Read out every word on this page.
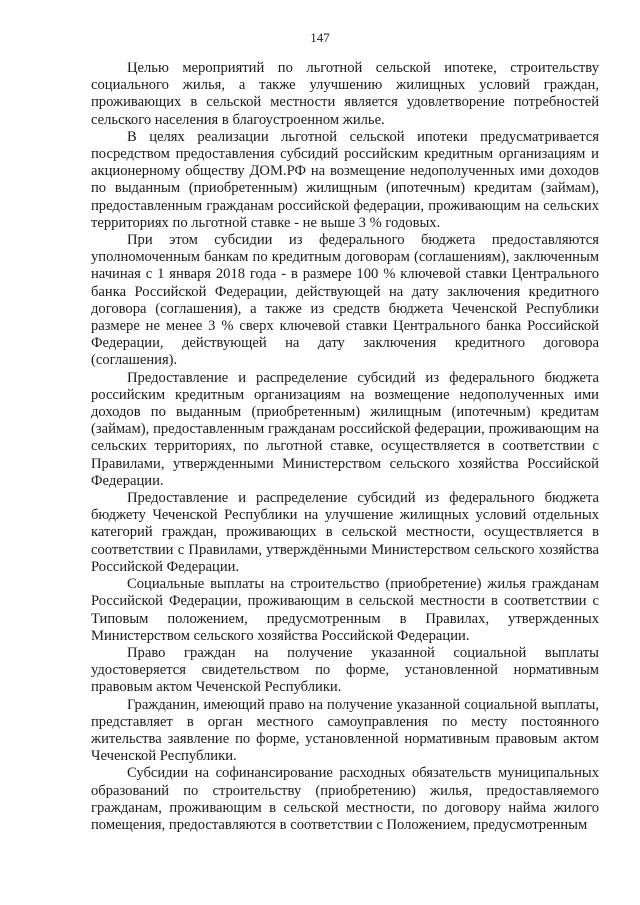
147

Целью мероприятий по льготной сельской ипотеке, строительству социального жилья, а также улучшению жилищных условий граждан, проживающих в сельской местности является удовлетворение потребностей сельского населения в благоустроенном жилье.

В целях реализации льготной сельской ипотеки предусматривается посредством предоставления субсидий российским кредитным организациям и акционерному обществу ДОМ.РФ на возмещение недополученных ими доходов по выданным (приобретенным) жилищным (ипотечным) кредитам (займам), предоставленным гражданам российской федерации, проживающим на сельских территориях по льготной ставке - не выше 3 % годовых.

При этом субсидии из федерального бюджета предоставляются уполномоченным банкам по кредитным договорам (соглашениям), заключенным начиная с 1 января 2018 года - в размере 100 % ключевой ставки Центрального банка Российской Федерации, действующей на дату заключения кредитного договора (соглашения), а также из средств бюджета Чеченской Республики размере не менее 3 % сверх ключевой ставки Центрального банка Российской Федерации, действующей на дату заключения кредитного договора (соглашения).

Предоставление и распределение субсидий из федерального бюджета российским кредитным организациям на возмещение недополученных ими доходов по выданным (приобретенным) жилищным (ипотечным) кредитам (займам), предоставленным гражданам российской федерации, проживающим на сельских территориях, по льготной ставке, осуществляется в соответствии с Правилами, утвержденными Министерством сельского хозяйства Российской Федерации.

Предоставление и распределение субсидий из федерального бюджета бюджету Чеченской Республики на улучшение жилищных условий отдельных категорий граждан, проживающих в сельской местности, осуществляется в соответствии с Правилами, утверждёнными Министерством сельского хозяйства Российской Федерации.

Социальные выплаты на строительство (приобретение) жилья гражданам Российской Федерации, проживающим в сельской местности в соответствии с Типовым положением, предусмотренным в Правилах, утвержденных Министерством сельского хозяйства Российской Федерации.

Право граждан на получение указанной социальной выплаты удостоверяется свидетельством по форме, установленной нормативным правовым актом Чеченской Республики.

Гражданин, имеющий право на получение указанной социальной выплаты, представляет в орган местного самоуправления по месту постоянного жительства заявление по форме, установленной нормативным правовым актом Чеченской Республики.

Субсидии на софинансирование расходных обязательств муниципальных образований по строительству (приобретению) жилья, предоставляемого гражданам, проживающим в сельской местности, по договору найма жилого помещения, предоставляются в соответствии с Положением, предусмотренным
